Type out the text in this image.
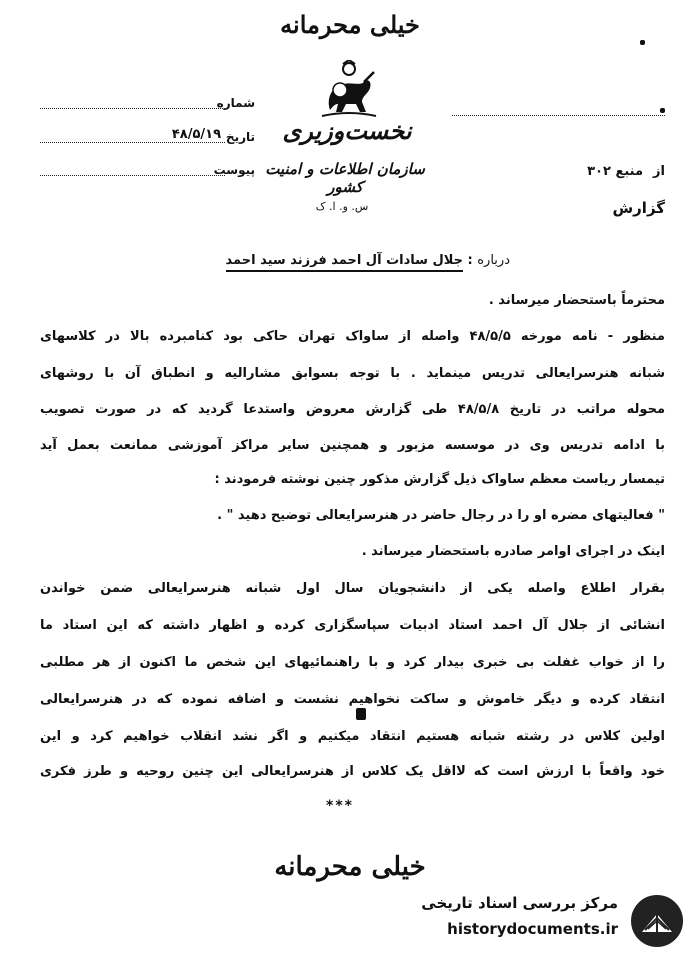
خیلی محرمانه
نخست‌وزیری
سازمان اطلاعات و امنیت کشور
س. و. ا. ک
شماره
تاریخ
۴۸/۵/۱۹
پیوست	از
منبع ۳۰۲
گزارش
درباره : جلال سادات آل احمد فرزند سید احمد
محترماً باستحضار میرساند .
منظور - نامه مورخه ۴۸/۵/۵ واصله از ساواک تهران حاکی بود کنامبرده بالا در کلاسهای
شبانه هنرسرایعالی تدریس مینماید . با توجه بسوابق مشارالیه و انطباق آن با روشهای
محوله مراتب در تاریخ ۴۸/۵/۸ طی گزارش معروض واستدعا گردید که در صورت تصویب
با ادامه تدریس وی در موسسه مزبور و همچنین سایر مراکز آموزشی ممانعت بعمل آید
تیمسار ریاست معظم ساواک ذیل گزارش مذکور چنین نوشته فرمودند :
" فعالیتهای مضره او را در رجال حاضر در هنرسرایعالی توضیح دهید " .
اینک در اجرای اوامر صادره باستحضار میرساند .
بقرار اطلاع واصله یکی از دانشجویان سال اول شبانه هنرسرایعالی ضمن خواندن
انشائی از جلال آل احمد استاد ادبیات سپاسگزاری کرده و اظهار داشته که این استاد ما
را از خواب غفلت بی خبری بیدار کرد و با راهنمائیهای این شخص ما اکنون از هر مطلبی
انتقاد کرده و دیگر خاموش و ساکت نخواهیم نشست و اضافه نموده که در هنرسرایعالی
اولین کلاس در رشته شبانه هستیم انتقاد میکنیم و اگر نشد انقلاب خواهیم کرد و این
خود واقعاً با ارزش است که لااقل یک کلاس از هنرسرایعالی این چنین روحیه و طرز فکری
***
خیلی محرمانه
مرکز بررسی اسناد تاریخی
historydocuments.ir
